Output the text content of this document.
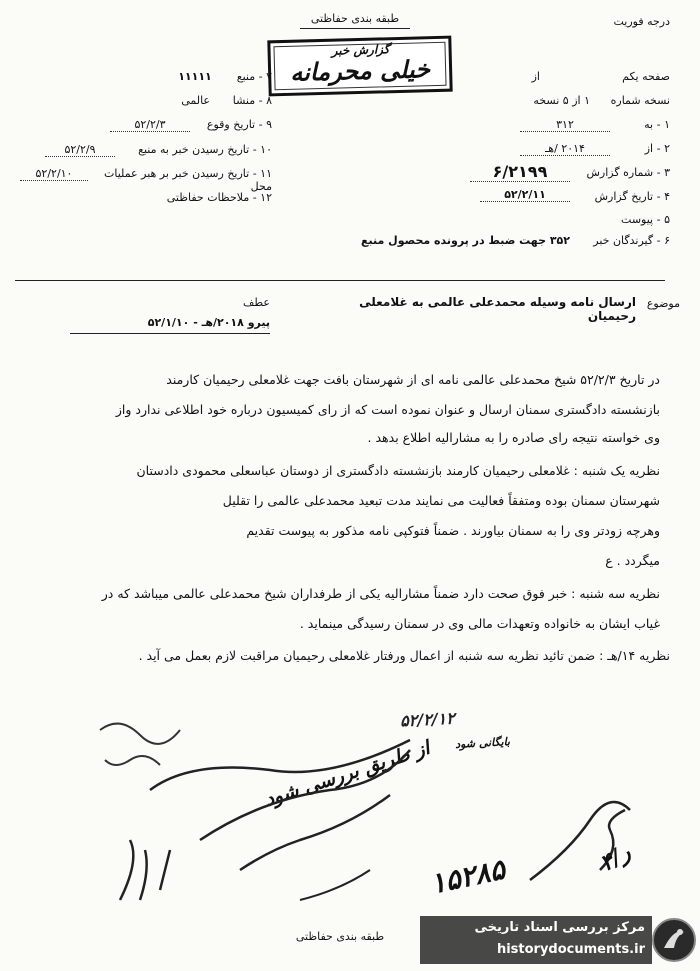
طبقه بندی حفاظتی	درجه فوریت
گزارش خبر
خیلی محرمانه
۷ - منبع
۱۱۱۱۱
۸ - منشا
عالمی
۹ - تاریخ وقوع
۵۲/۲/۳
۱۰ - تاریخ رسیدن خبر به منبع
۵۲/۲/۹
۱۱ - تاریخ رسیدن خبر بر هبر عملیات محل
۵۲/۲/۱۰
۱۲ - ملاحظات حفاظتی
صفحه یکم
از
نسخه شماره
۱ از ۵ نسخه
۱ - به
۳۱۲
۲ - از
۲۰۱۴ /هـ
۳ - شماره گزارش
۶/۲۱۹۹
۴ - تاریخ گزارش
۵۲/۲/۱۱
۵ - پیوست
۶ - گیرندگان خبر
۳۵۲ جهت ضبط در پرونده محصول منبع
موضوع
ارسال نامه وسیله محمدعلی عالمی به غلامعلی رحیمیان
عطف
پیرو ۲۰۱۸/هـ - ۵۲/۱/۱۰
در تاریخ ۵۲/۲/۳ شیخ محمدعلی عالمی نامه ای از شهرستان بافت جهت غلامعلی رحیمیان کارمند
بازنشسته دادگستری سمنان ارسال و عنوان نموده است که از رای کمیسیون درباره خود اطلاعی ندارد واز
وی خواسته نتیجه رای صادره را به مشارالیه اطلاع بدهد .
نظریه یک شنبه : غلامعلی رحیمیان کارمند بازنشسته دادگستری از دوستان عباسعلی محمودی دادستان
شهرستان سمنان بوده ومتفقاً فعالیت می نمایند مدت تبعید محمدعلی عالمی را تقلیل
وهرچه زودتر وی را به سمنان بیاورند . ضمناً فتوکپی نامه مذکور به پیوست تقدیم
میگردد . ع
نظریه سه شنبه : خبر فوق صحت دارد ضمناً مشارالیه یکی از طرفداران شیخ محمدعلی عالمی میباشد که در
غیاب ایشان به خانواده وتعهدات مالی وی در سمنان رسیدگی مینماید .
نظریه ۱۴/هـ : ضمن تائید نظریه سه شنبه از اعمال ورفتار غلامعلی رحیمیان مراقبت لازم بعمل می آید .
۵۲/۲/۱۲
بایگانی شود
از طریق بررسی شود
۱۵۲۸۵	ر/۴
طبقه بندی حفاظتی
مرکز بررسی اسناد تاریخی
historydocuments.ir
